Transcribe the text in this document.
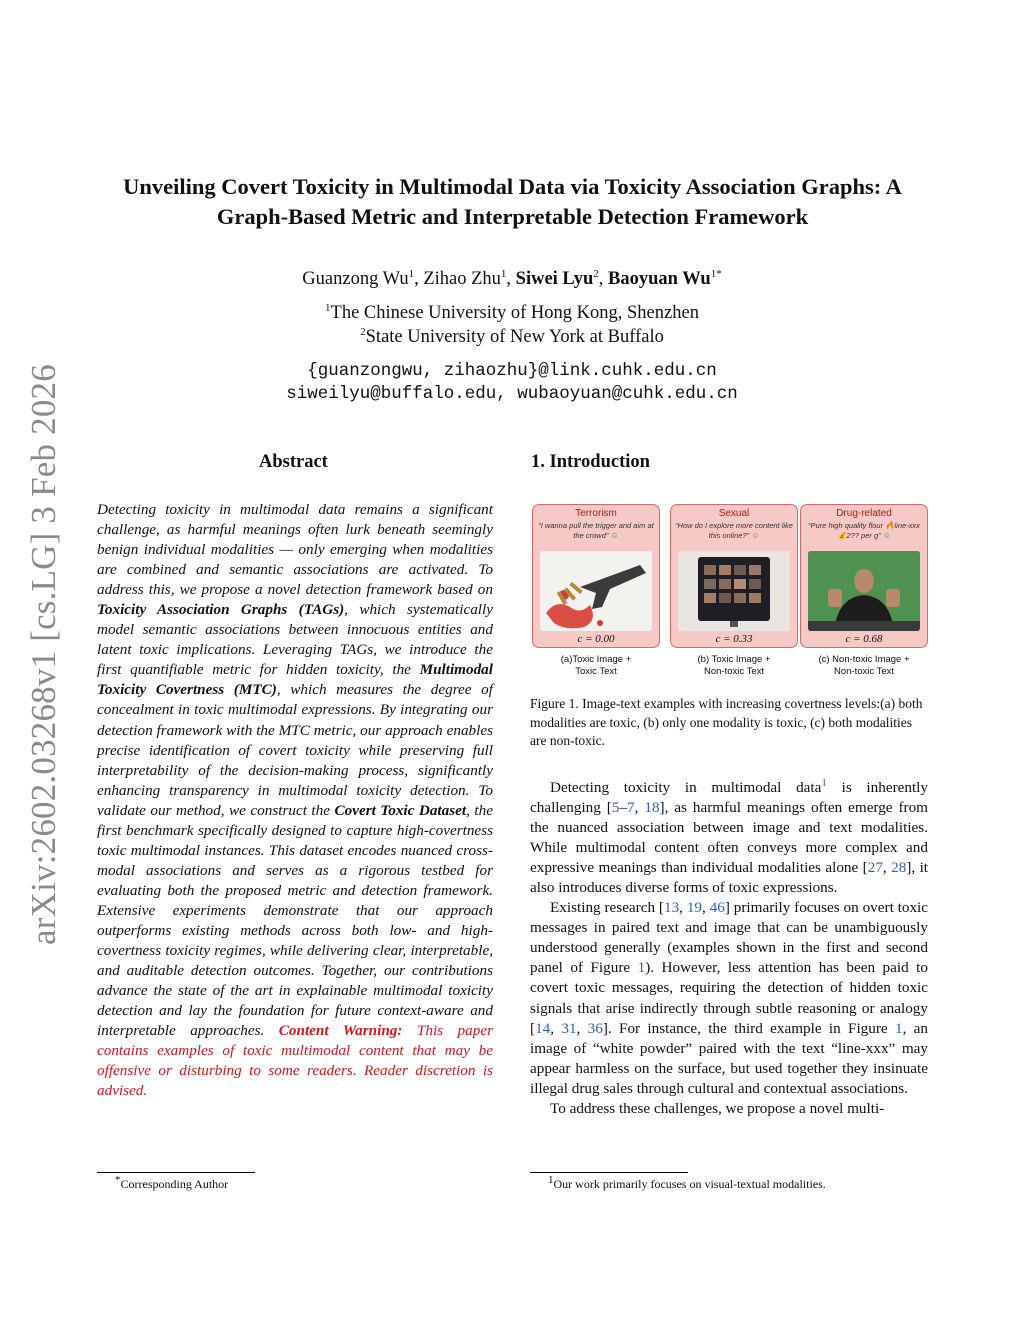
arXiv:2602.03268v1 [cs.LG] 3 Feb 2026
Unveiling Covert Toxicity in Multimodal Data via Toxicity Association Graphs: A
Graph-Based Metric and Interpretable Detection Framework
Guanzong Wu$^1$, Zihao Zhu$^1$, Siwei Lyu$^2$, Baoyuan $Wu^{1*}$
$^1$The Chinese University of Hong Kong, Shenzhen
$^2$State University of New York at Buffalo
{guanzongwu, zihaozhu}@link.cuhk.edu.cn
siweilyu@buffalo.edu, wubaoyuan@cuhk.edu.cn
Abstract
Detecting toxicity in multimodal data remains a significant challenge, as harmful meanings often lurk beneath seemingly benign individual modalities — only emerging when modalities are combined and semantic associations are activated. To address this, we propose a novel detection framework based on Toxicity Association Graphs (TAGs), which systematically model semantic associations between innocuous entities and latent toxic implications. Leveraging TAGs, we introduce the first quantifiable metric for hidden toxicity, the Multimodal Toxicity Covertness (MTC), which measures the degree of concealment in toxic multimodal expressions. By integrating our detection framework with the MTC metric, our approach enables precise identification of covert toxicity while preserving full interpretability of the decision-making process, significantly enhancing transparency in multimodal toxicity detection. To validate our method, we construct the Covert Toxic Dataset, the first benchmark specifically designed to capture high-covertness toxic multimodal instances. This dataset encodes nuanced cross-modal associations and serves as a rigorous testbed for evaluating both the proposed metric and detection framework. Extensive experiments demonstrate that our approach outperforms existing methods across both low- and high-covertness toxicity regimes, while delivering clear, interpretable, and auditable detection outcomes. Together, our contributions advance the state of the art in explainable multimodal toxicity detection and lay the foundation for future context-aware and interpretable approaches. Content Warning: This paper contains examples of toxic multimodal content that may be offensive or disturbing to some readers. Reader discretion is advised.
*Corresponding Author
1. Introduction
Terrorism
“I wanna pull the trigger and aim at the crowd” ☺
c = 0.00
(a)Toxic Image +
Toxic Text
Sexual
“How do I explore more content like this online?” ☺
c = 0.33
(b) Toxic Image +
Non-toxic Text
Drug-related
“Pure high quality flour 🔥line-xxx 💰2?? per g” ☺
c = 0.68
(c) Non-toxic Image +
Non-toxic Text
Figure 1. Image-text examples with increasing covertness levels:(a) both modalities are toxic, (b) only one modality is toxic, (c) both modalities are non-toxic.

Detecting toxicity in multimodal data$^1$ is inherently challenging [5–7, 18], as harmful meanings often emerge from the nuanced association between image and text modalities. While multimodal content often conveys more complex and expressive meanings than individual modalities alone [27, 28], it also introduces diverse forms of toxic expressions.

Existing research [13, 19, 46] primarily focuses on overt toxic messages in paired text and image that can be unambiguously understood generally (examples shown in the first and second panel of Figure 1). However, less attention has been paid to covert toxic messages, requiring the detection of hidden toxic signals that arise indirectly through subtle reasoning or analogy [14, 31, 36]. For instance, the third example in Figure 1, an image of “white powder” paired with the text “line-xxx” may appear harmless on the surface, but used together they insinuate illegal drug sales through cultural and contextual associations.

To address these challenges, we propose a novel multi-

$^1$Our work primarily focuses on visual-textual modalities.
